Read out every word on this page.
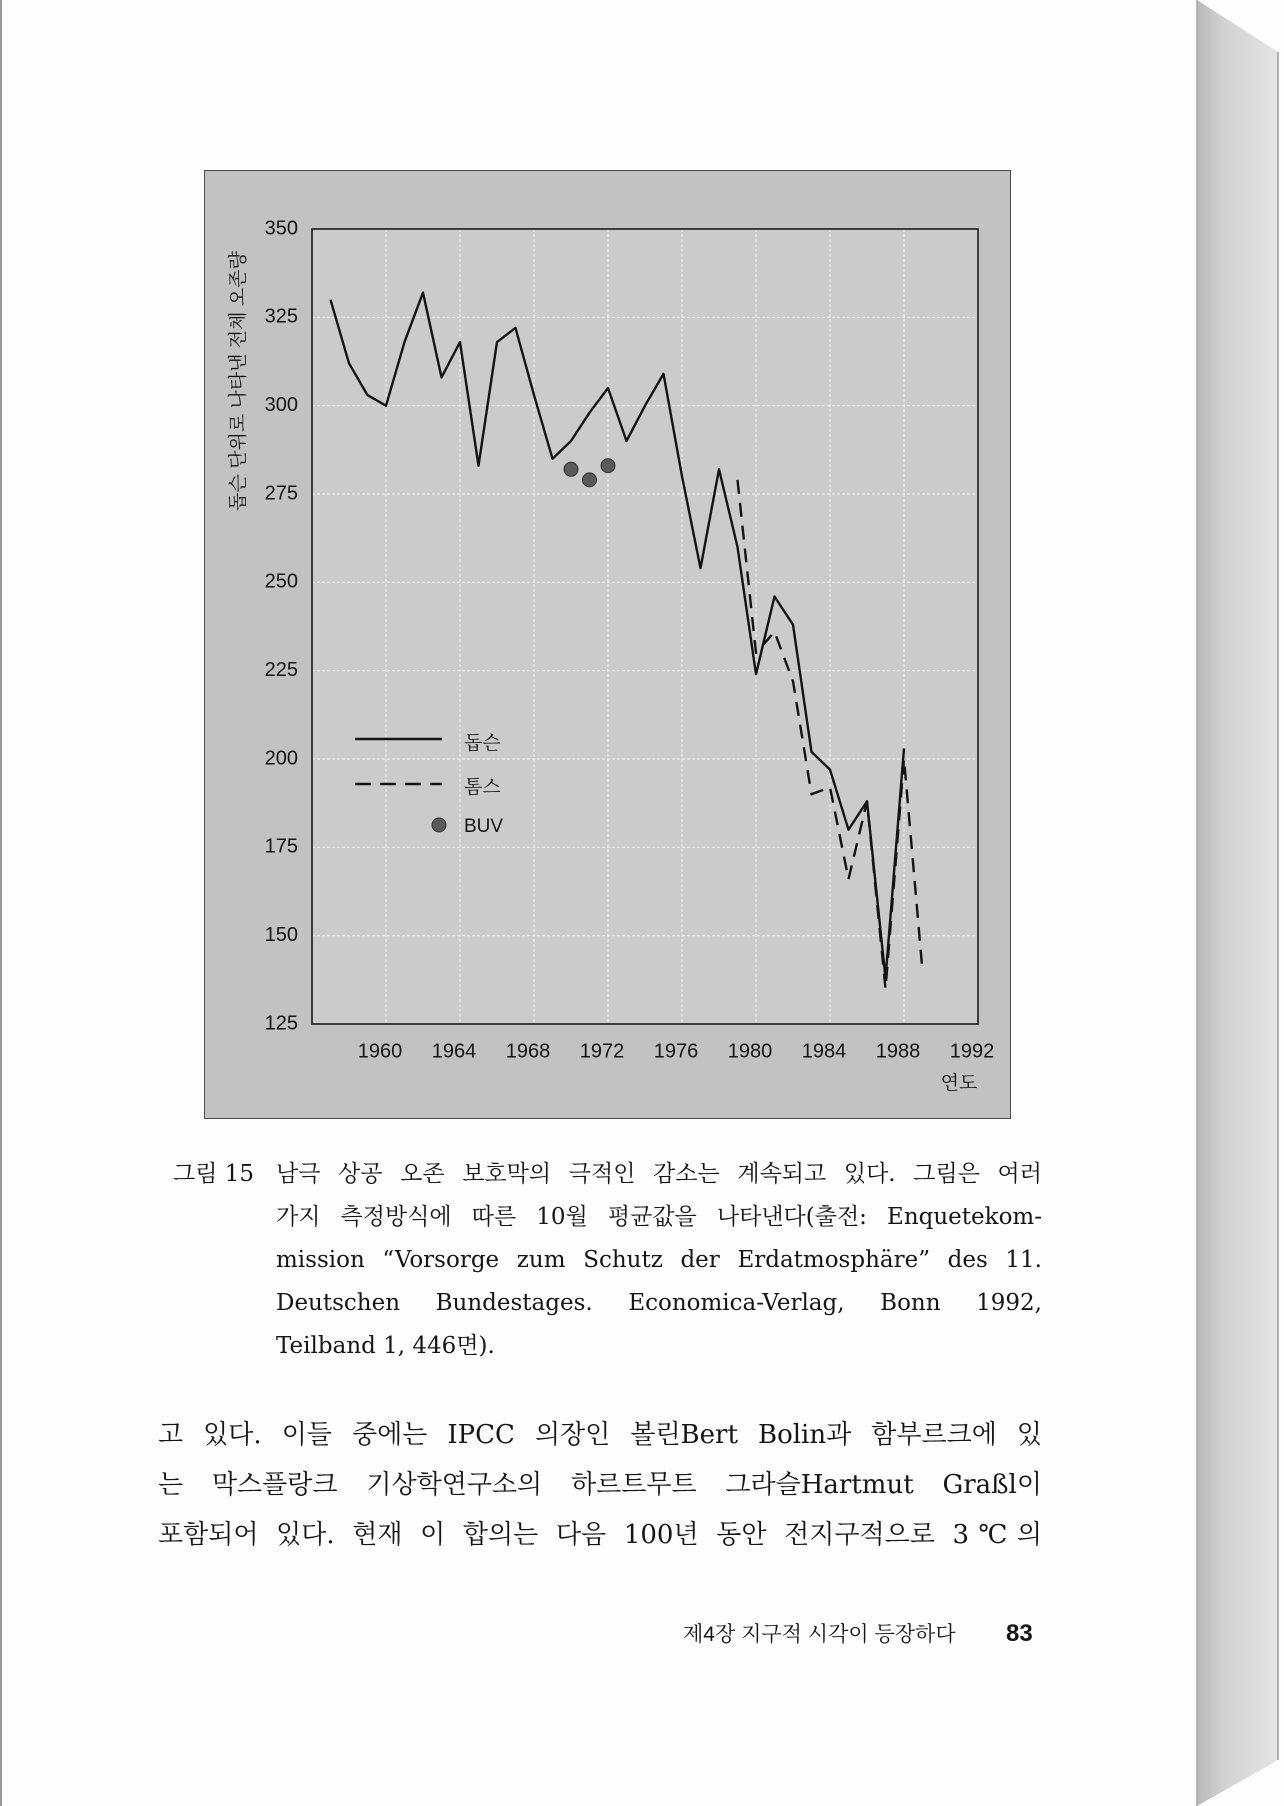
350
325
300
275
250
225
200
175
150
125
1960 1964 1968 1972 1976 1980 1984 1988 1992
돕슨 단위로 나타낸 전체 오존량
연도
돕슨
톰스
BUV
그림 15 남극 상공 오존 보호막의 극적인 감소는 계속되고 있다. 그림은 여러
가지 측정방식에 따른 10월 평균값을 나타낸다(출전: Enquetekom-
mission “Vorsorge zum Schutz der Erdatmosphäre” des 11.
Deutschen Bundestages. Economica-Verlag, Bonn 1992,
Teilband 1, 446면).
고 있다. 이들 중에는 IPCC 의장인 볼린Bert Bolin과 함부르크에 있
는 막스플랑크 기상학연구소의 하르트무트 그라슬Hartmut Graßl이
포함되어 있다. 현재 이 합의는 다음 100년 동안 전지구적으로 3℃의
제4장 지구적 시각이 등장하다 83
